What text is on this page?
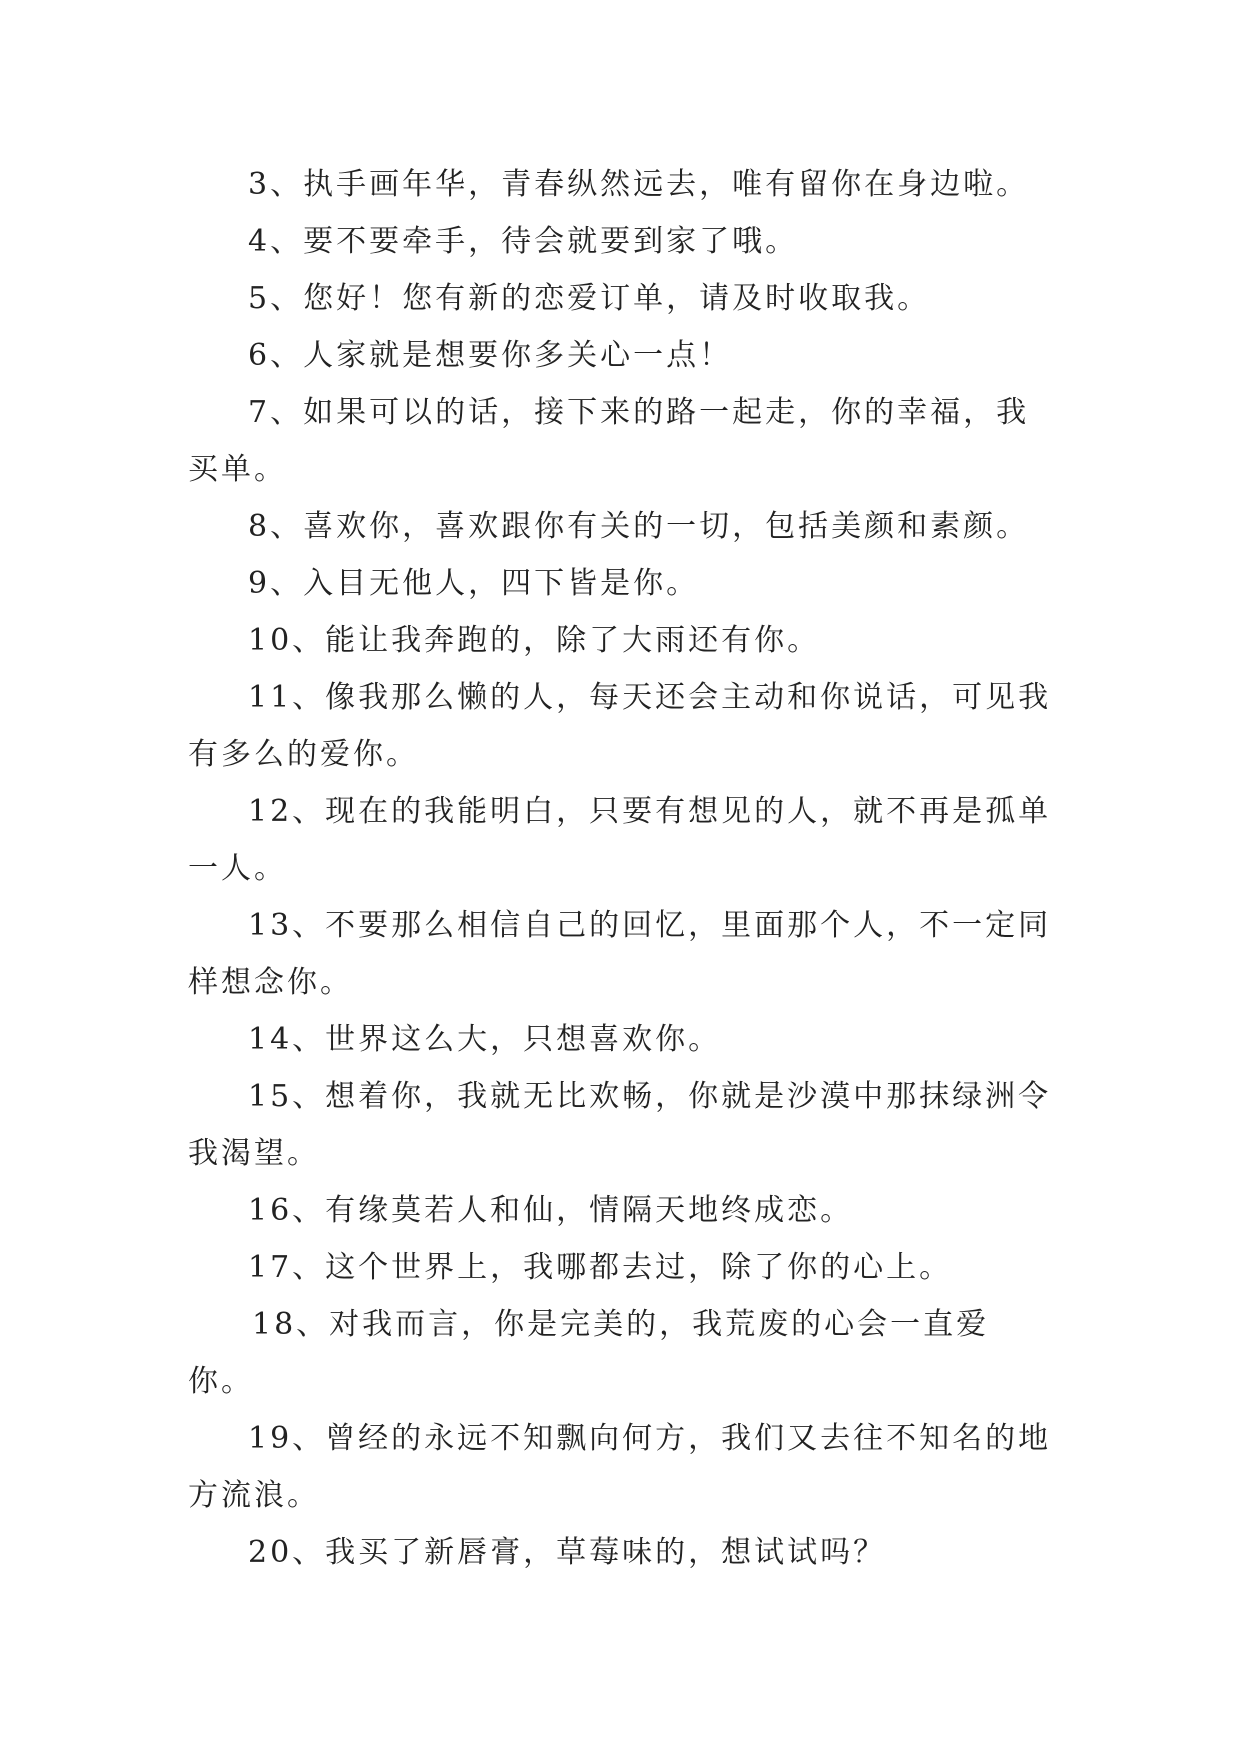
3、执手画年华，青春纵然远去，唯有留你在身边啦。

4、要不要牵手，待会就要到家了哦。

5、您好！您有新的恋爱订单，请及时收取我。

6、人家就是想要你多关心一点！

7、如果可以的话，接下来的路一起走，你的幸福，我买单。

8、喜欢你，喜欢跟你有关的一切，包括美颜和素颜。

9、入目无他人，四下皆是你。

10、能让我奔跑的，除了大雨还有你。

11、像我那么懒的人，每天还会主动和你说话，可见我有多么的爱你。

12、现在的我能明白，只要有想见的人，就不再是孤单一人。

13、不要那么相信自己的回忆，里面那个人，不一定同样想念你。

14、世界这么大，只想喜欢你。

15、想着你，我就无比欢畅，你就是沙漠中那抹绿洲令我渴望。

16、有缘莫若人和仙，情隔天地终成恋。

17、这个世界上，我哪都去过，除了你的心上。

18、对我而言，你是完美的，我荒废的心会一直爱你。

19、曾经的永远不知飘向何方，我们又去往不知名的地方流浪。

20、我买了新唇膏，草莓味的，想试试吗？
